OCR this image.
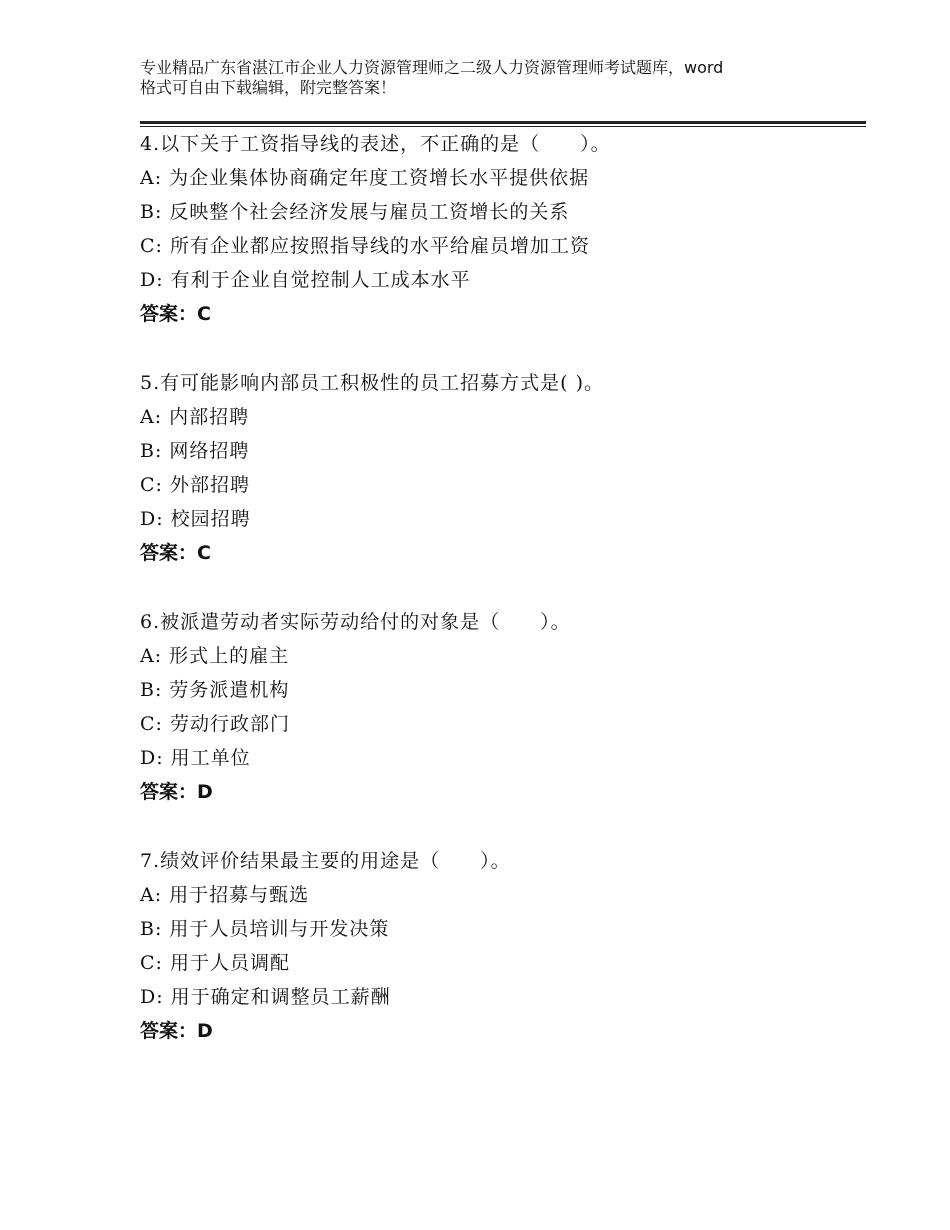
专业精品广东省湛江市企业人力资源管理师之二级人力资源管理师考试题库，word
格式可自由下载编辑，附完整答案！
4.以下关于工资指导线的表述，不正确的是（　　）。
A: 为企业集体协商确定年度工资增长水平提供依据
B: 反映整个社会经济发展与雇员工资增长的关系
C: 所有企业都应按照指导线的水平给雇员增加工资
D: 有利于企业自觉控制人工成本水平
答案：C
5.有可能影响内部员工积极性的员工招募方式是( )。
A: 内部招聘
B: 网络招聘
C: 外部招聘
D: 校园招聘
答案：C
6.被派遣劳动者实际劳动给付的对象是（　　）。
A: 形式上的雇主
B: 劳务派遣机构
C: 劳动行政部门
D: 用工单位
答案：D
7.绩效评价结果最主要的用途是（　　）。
A: 用于招募与甄选
B: 用于人员培训与开发决策
C: 用于人员调配
D: 用于确定和调整员工薪酬
答案：D
